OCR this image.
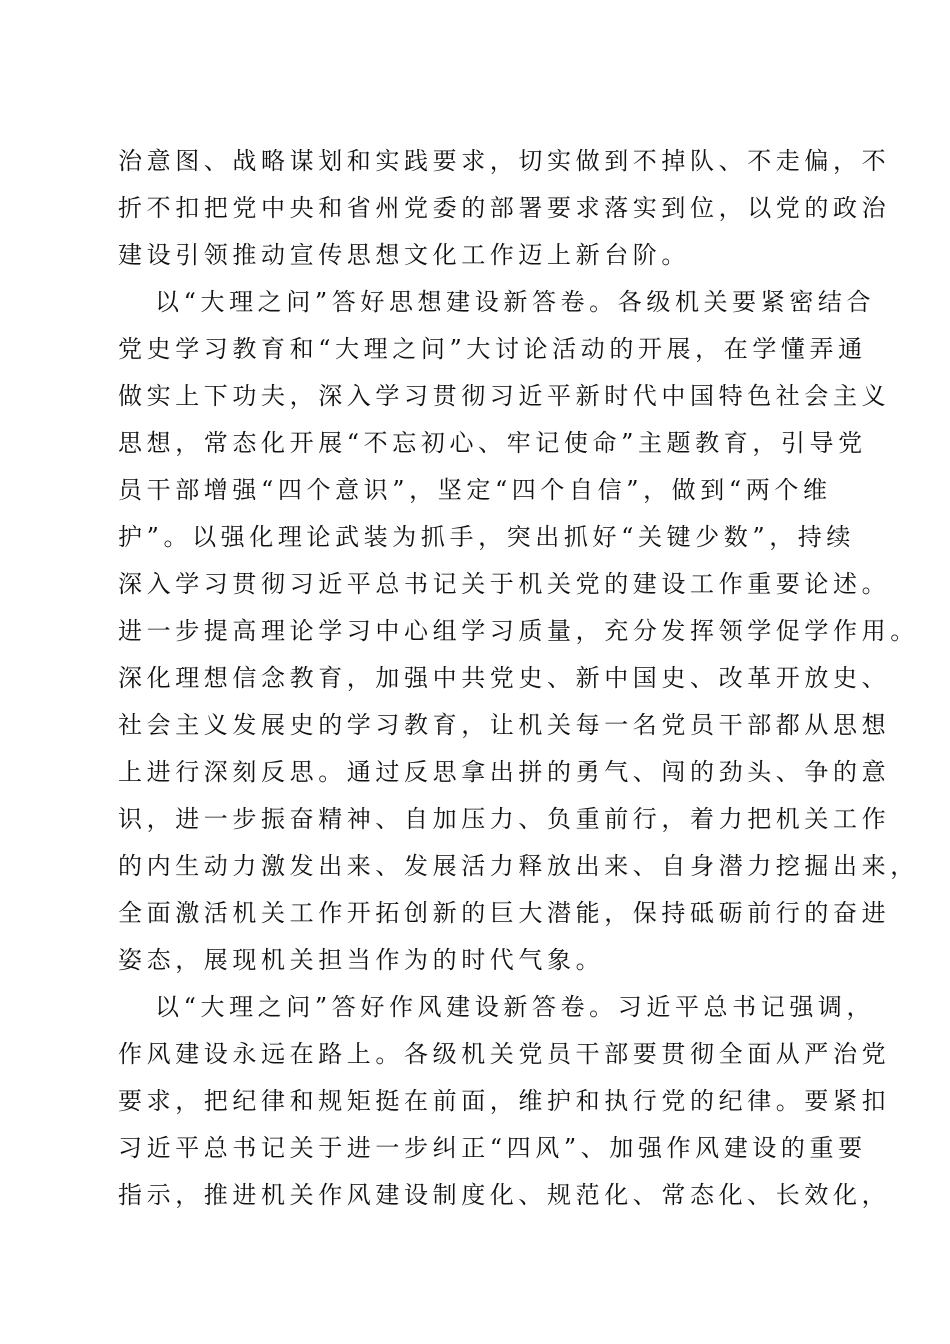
治意图、战略谋划和实践要求，切实做到不掉队、不走偏，不
折不扣把党中央和省州党委的部署要求落实到位，以党的政治
建设引领推动宣传思想文化工作迈上新台阶。
以“大理之问”答好思想建设新答卷。各级机关要紧密结合
党史学习教育和“大理之问”大讨论活动的开展，在学懂弄通
做实上下功夫，深入学习贯彻习近平新时代中国特色社会主义
思想，常态化开展“不忘初心、牢记使命”主题教育，引导党
员干部增强“四个意识”，坚定“四个自信”，做到“两个维
护”。以强化理论武装为抓手，突出抓好“关键少数”，持续
深入学习贯彻习近平总书记关于机关党的建设工作重要论述。
进一步提高理论学习中心组学习质量，充分发挥领学促学作用。
深化理想信念教育，加强中共党史、新中国史、改革开放史、
社会主义发展史的学习教育，让机关每一名党员干部都从思想
上进行深刻反思。通过反思拿出拼的勇气、闯的劲头、争的意
识，进一步振奋精神、自加压力、负重前行，着力把机关工作
的内生动力激发出来、发展活力释放出来、自身潜力挖掘出来，
全面激活机关工作开拓创新的巨大潜能，保持砥砺前行的奋进
姿态，展现机关担当作为的时代气象。
以“大理之问”答好作风建设新答卷。习近平总书记强调，
作风建设永远在路上。各级机关党员干部要贯彻全面从严治党
要求，把纪律和规矩挺在前面，维护和执行党的纪律。要紧扣
习近平总书记关于进一步纠正“四风”、加强作风建设的重要
指示，推进机关作风建设制度化、规范化、常态化、长效化，
